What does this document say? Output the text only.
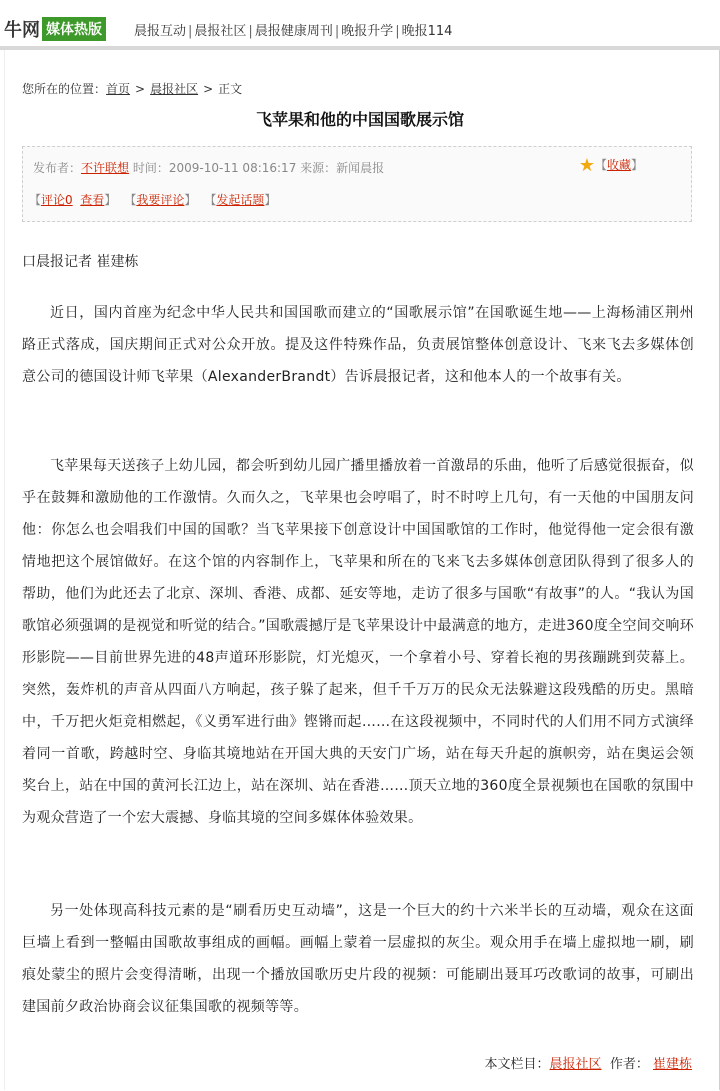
牛网 媒体热版	晨报互动 | 晨报社区 | 晨报健康周刊 | 晚报升学 | 晚报114
您所在的位置：首页 > 晨报社区 > 正文
飞苹果和他的中国国歌展示馆
发布者：不许联想 时间：2009-10-11 08:16:17 来源：新闻晨报	★【收藏】
【评论0 查看】 【我要评论】 【发起话题】
口晨报记者 崔建栋
近日，国内首座为纪念中华人民共和国国歌而建立的“国歌展示馆”在国歌诞生地——上海杨浦区荆州路正式落成，国庆期间正式对公众开放。提及这件特殊作品，负责展馆整体创意设计、飞来飞去多媒体创意公司的德国设计师飞苹果（AlexanderBrandt）告诉晨报记者，这和他本人的一个故事有关。
飞苹果每天送孩子上幼儿园，都会听到幼儿园广播里播放着一首激昂的乐曲，他听了后感觉很振奋，似乎在鼓舞和激励他的工作激情。久而久之，飞苹果也会哼唱了，时不时哼上几句，有一天他的中国朋友问他：你怎么也会唱我们中国的国歌？当飞苹果接下创意设计中国国歌馆的工作时，他觉得他一定会很有激情地把这个展馆做好。在这个馆的内容制作上，飞苹果和所在的飞来飞去多媒体创意团队得到了很多人的帮助，他们为此还去了北京、深圳、香港、成都、延安等地，走访了很多与国歌“有故事”的人。“我认为国歌馆必须强调的是视觉和听觉的结合。”国歌震撼厅是飞苹果设计中最满意的地方，走进360度全空间交响环形影院——目前世界先进的48声道环形影院，灯光熄灭，一个拿着小号、穿着长袍的男孩蹦跳到荧幕上。突然，轰炸机的声音从四面八方响起，孩子躲了起来，但千千万万的民众无法躲避这段残酷的历史。黑暗中，千万把火炬竞相燃起，《义勇军进行曲》铿锵而起……在这段视频中，不同时代的人们用不同方式演绎着同一首歌，跨越时空、身临其境地站在开国大典的天安门广场，站在每天升起的旗帜旁，站在奥运会领奖台上，站在中国的黄河长江边上，站在深圳、站在香港……顶天立地的360度全景视频也在国歌的氛围中为观众营造了一个宏大震撼、身临其境的空间多媒体体验效果。
另一处体现高科技元素的是“刷看历史互动墙”，这是一个巨大的约十六米半长的互动墙，观众在这面巨墙上看到一整幅由国歌故事组成的画幅。画幅上蒙着一层虚拟的灰尘。观众用手在墙上虚拟地一刷，刷痕处蒙尘的照片会变得清晰，出现一个播放国歌历史片段的视频：可能刷出聂耳巧改歌词的故事，可刷出建国前夕政治协商会议征集国歌的视频等等。
本文栏目：晨报社区 作者： 崔建栋
